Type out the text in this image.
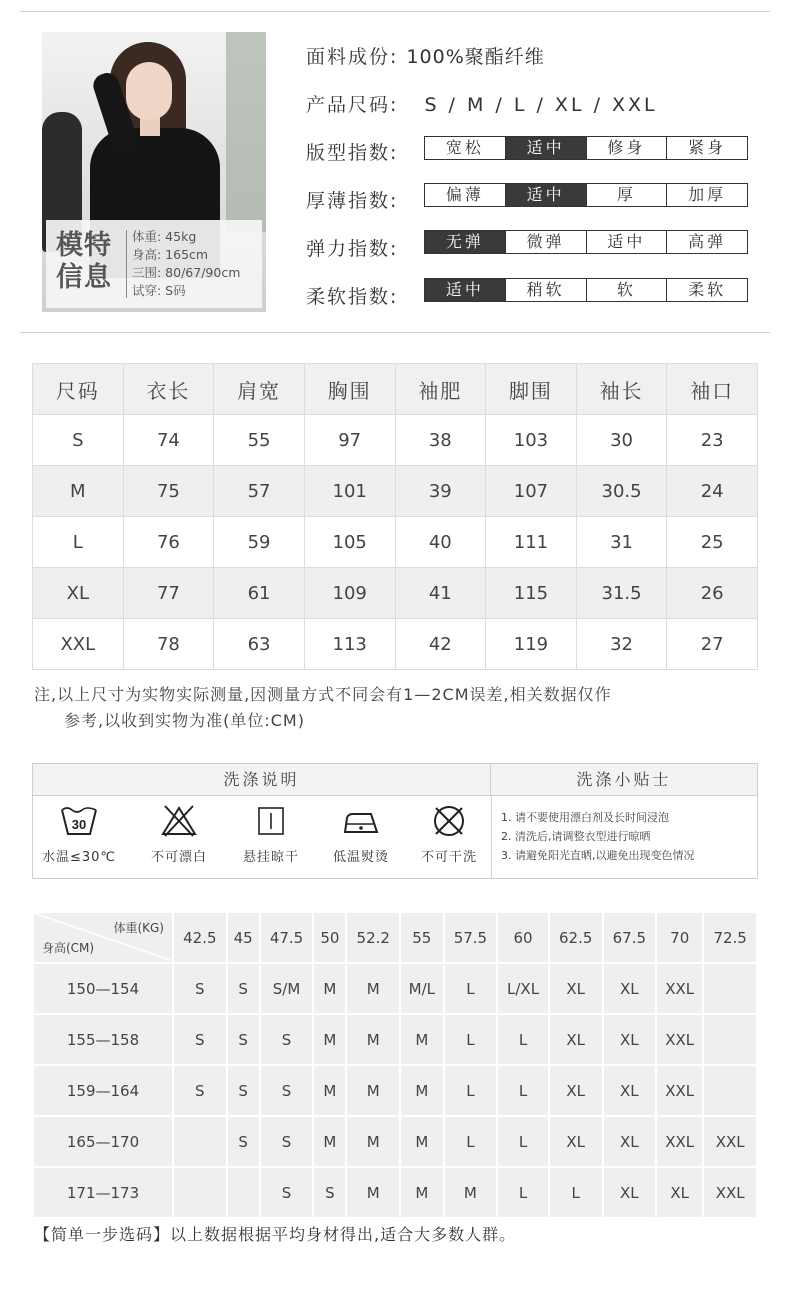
模特信息
体重: 45kg
身高: 165cm
三围: 80/67/90cm
试穿: S码
面料成份: 100%聚酯纤维
产品尺码: S / M / L / XL / XXL
版型指数:	宽松	适中	修身	紧身
厚薄指数:	偏薄	适中	厚	加厚
弹力指数:	无弹	微弹	适中	高弹
柔软指数:	适中	稍软	软	柔软
尺码	衣长	肩宽	胸围	袖肥	脚围	袖长	袖口
S	74	55	97	38	103	30	23
M	75	57	101	39	107	30.5	24
L	76	59	105	40	111	31	25
XL	77	61	109	41	115	31.5	26
XXL	78	63	113	42	119	32	27
注,以上尺寸为实物实际测量,因测量方式不同会有1—2CM误差,相关数据仅作
参考,以收到实物为准(单位:CM)
洗涤说明	洗涤小贴士
30
水温≤30℃	不可漂白	悬挂晾干	低温熨烫	不可干洗
1. 请不要使用漂白剂及长时间浸泡
2. 清洗后,请调整衣型进行晾晒
3. 请避免阳光直晒,以避免出现变色情况
体重(KG)
身高(CM)	42.5	45	47.5	50	52.2	55	57.5	60	62.5	67.5	70	72.5
150—154	S	S	S/M	M	M	M/L	L	L/XL	XL	XL	XXL	
155—158	S	S	S	M	M	M	L	L	XL	XL	XXL	
159—164	S	S	S	M	M	M	L	L	XL	XL	XXL	
165—170		S	S	M	M	M	L	L	XL	XL	XXL	XXL
171—173			S	S	M	M	M	L	L	XL	XL	XXL
【简单一步选码】以上数据根据平均身材得出,适合大多数人群。
